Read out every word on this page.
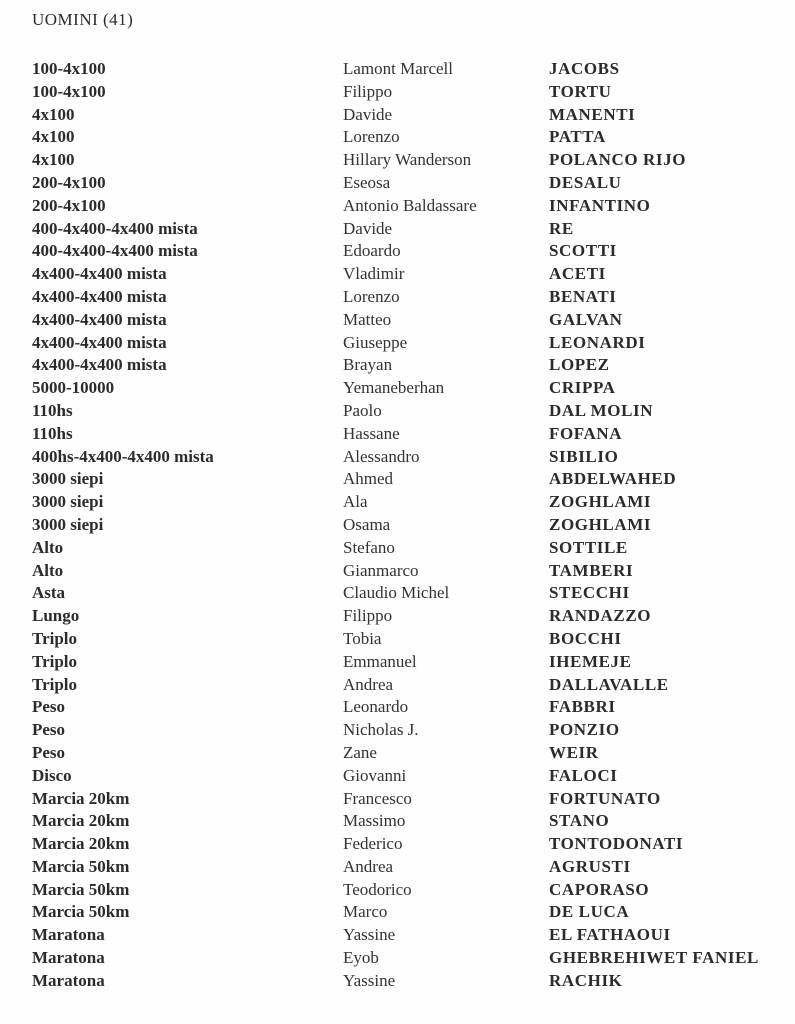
UOMINI (41)
100-4x100	Lamont Marcell	JACOBS
100-4x100	Filippo	TORTU
4x100	Davide	MANENTI
4x100	Lorenzo	PATTA
4x100	Hillary Wanderson	POLANCO RIJO
200-4x100	Eseosa	DESALU
200-4x100	Antonio Baldassare	INFANTINO
400-4x400-4x400 mista	Davide	RE
400-4x400-4x400 mista	Edoardo	SCOTTI
4x400-4x400 mista	Vladimir	ACETI
4x400-4x400 mista	Lorenzo	BENATI
4x400-4x400 mista	Matteo	GALVAN
4x400-4x400 mista	Giuseppe	LEONARDI
4x400-4x400 mista	Brayan	LOPEZ
5000-10000	Yemaneberhan	CRIPPA
110hs	Paolo	DAL MOLIN
110hs	Hassane	FOFANA
400hs-4x400-4x400 mista	Alessandro	SIBILIO
3000 siepi	Ahmed	ABDELWAHED
3000 siepi	Ala	ZOGHLAMI
3000 siepi	Osama	ZOGHLAMI
Alto	Stefano	SOTTILE
Alto	Gianmarco	TAMBERI
Asta	Claudio Michel	STECCHI
Lungo	Filippo	RANDAZZO
Triplo	Tobia	BOCCHI
Triplo	Emmanuel	IHEMEJE
Triplo	Andrea	DALLAVALLE
Peso	Leonardo	FABBRI
Peso	Nicholas J.	PONZIO
Peso	Zane	WEIR
Disco	Giovanni	FALOCI
Marcia 20km	Francesco	FORTUNATO
Marcia 20km	Massimo	STANO
Marcia 20km	Federico	TONTODONATI
Marcia 50km	Andrea	AGRUSTI
Marcia 50km	Teodorico	CAPORASO
Marcia 50km	Marco	DE LUCA
Maratona	Yassine	EL FATHAOUI
Maratona	Eyob	GHEBREHIWET FANIEL
Maratona	Yassine	RACHIK
